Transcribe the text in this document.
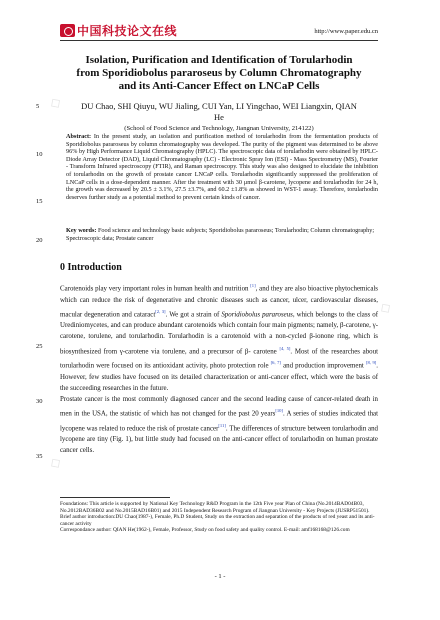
◇
◇
◇
中国科技论文在线	http://www.paper.edu.cn
Isolation, Purification and Identification of Torularhodin
from Sporidiobolus pararoseus by Column Chromatography
and its Anti-Cancer Effect on LNCaP Cells
DU Chao, SHI Qiuyu, WU Jialing, CUI Yan, LI Yingchao, WEI Liangxin, QIAN
He
(School of Food Science and Technology, Jiangnan University, 214122)
Abstract: In the present study, an isolation and purification method of torularhodin from the fermentation products of Sporidiobolus pararoseus by column chromatography was developed. The purity of the pigment was determined to be above 96% by High Performance Liquid Chromatography (HPLC). The spectroscopic data of torularhodin were obtained by HPLC-Diode Array Detector (DAD), Liquid Chromatography (LC) - Electronic Spray Ion (ESI) - Mass Spectrometry (MS), Fourier - Transform Infrared spectroscopy (FTIR), and Raman spectroscopy. This study was also designed to elucidate the inhibition of torularhodin on the growth of prostate cancer LNCaP cells. Torularhodin significantly suppressed the proliferation of LNCaP cells in a dose-dependent manner. After the treatment with 30 μmol β-carotene, lycopene and torularhodin for 24 h, the growth was decreased by 20.5 ± 3.1%, 27.5 ±3.7%, and 60.2 ±1.8% as showed in WST-1 assay. Therefore, torularhodin deserves further study as a potential method to prevent certain kinds of cancer.
Key words: Food science and technology basic subjects; Sporidiobolus pararoseus; Torularhodin; Column chromatography; Spectroscopic data; Prostate cancer
5
10
15
20
25
30
35
0 Introduction

Carotenoids play very important roles in human health and nutrition [1], and they are also bioactive phytochemicals which can reduce the risk of degenerative and chronic diseases such as cancer, ulcer, cardiovascular diseases, macular degeneration and cataract[2, 3]. We got a strain of Sporidiobolus pararoseus, which belongs to the class of Urediniomycetes, and can produce abundant carotenoids which contain four main pigments; namely, β-carotene, γ-carotene, torulene, and torularhodin. Torularhodin is a carotenoid with a non-cycled β-ionone ring, which is biosynthesized from γ-carotene via torulene, and a precursor of β- carotene [4, 5]. Most of the researches about torularhodin were focused on its antioxidant activity, photo protection role [6, 7] and production improvement [8, 9]. However, few studies have focused on its detailed characterization or anti-cancer effect, which were the basis of the succeeding researches in the future.

Prostate cancer is the most commonly diagnosed cancer and the second leading cause of cancer-related death in men in the USA, the statistic of which has not changed for the past 20 years[10]. A series of studies indicated that lycopene was related to reduce the risk of prostate cancer[11]. The differences of structure between torularhodin and lycopene are tiny (Fig. 1), but little study had focused on the anti-cancer effect of torularhodin on human prostate cancer cells.

Foundations: This article is supported by National Key Technology R&D Program in the 12th Five year Plan of China (No.2014BAD04B03, No.2012BAD36B02 and No.2015BAD16B01) and 2015 Independent Research Program of Jiangnan University - Key Projects (JUSRP51501).
Brief author introduction:DU Chao(1987-), Female, Ph.D Student, Study on the extraction and separation of the products of red yeast and its anti-cancer activity
Correspondance author: QIAN He(1962-), Female, Professor, Study on food safety and quality control. E-mail: amf168168@126.com
- 1 -
